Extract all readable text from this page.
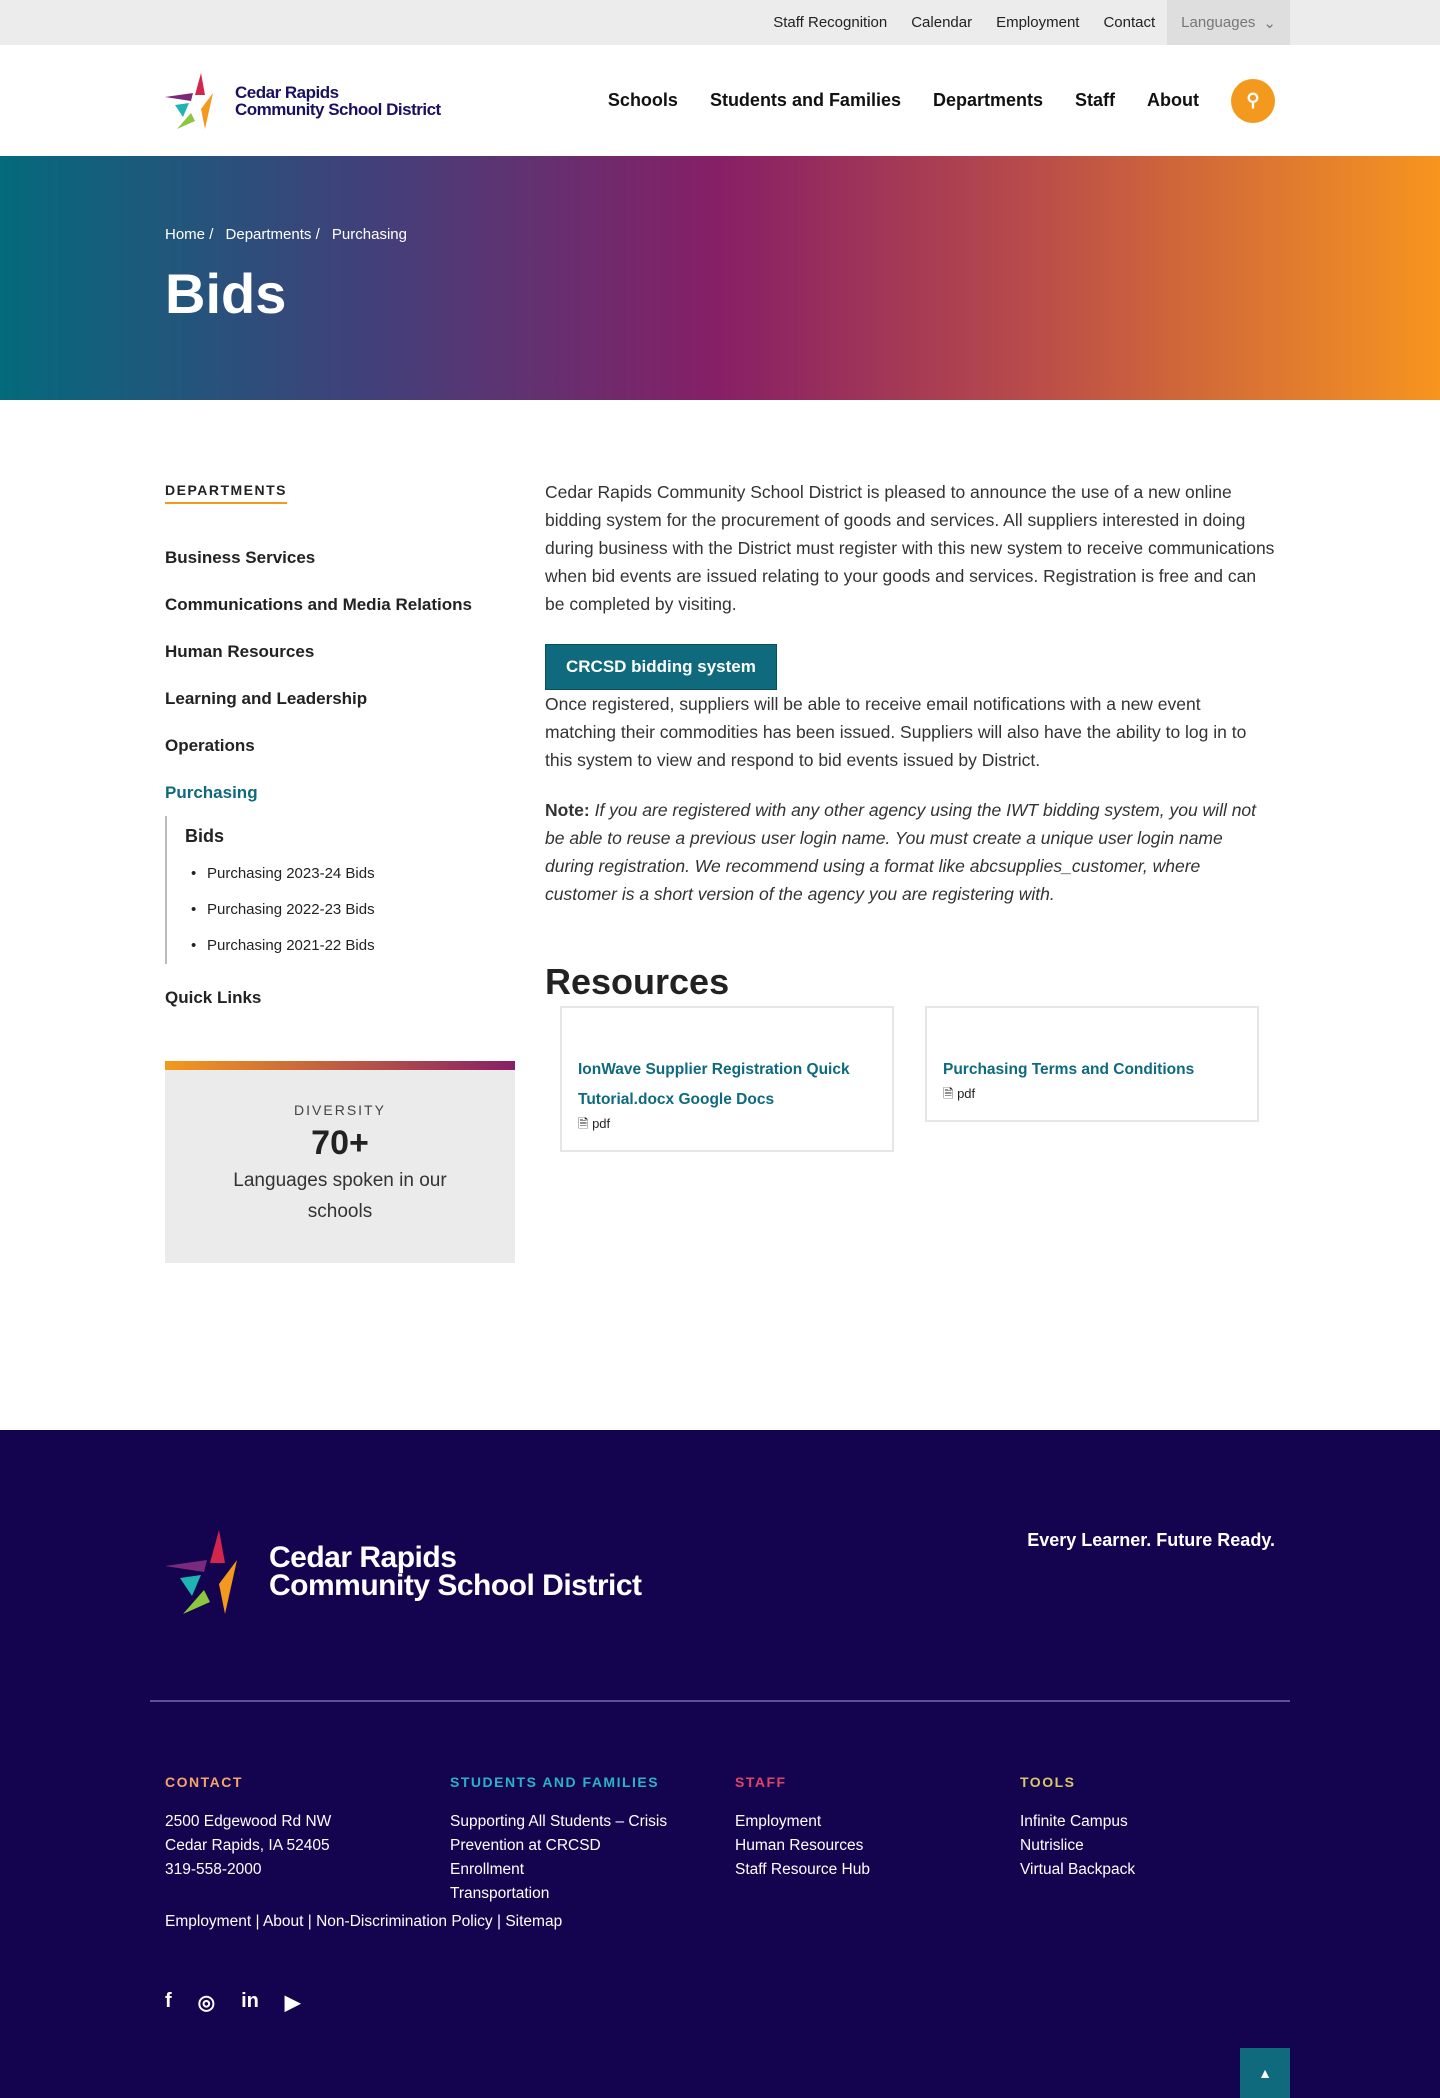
Staff Recognition Calendar Employment Contact Languages ⌄
Cedar Rapids
Community School District	Schools Students and Families Departments Staff About	⚲
Home / Departments / Purchasing
Bids
DEPARTMENTS
Business Services
Communications and Media Relations
Human Resources
Learning and Leadership
Operations
Purchasing
Bids
• Purchasing 2023-24 Bids
• Purchasing 2022-23 Bids
• Purchasing 2021-22 Bids
Quick Links
DIVERSITY
70+
Languages spoken in our schools

Cedar Rapids Community School District is pleased to announce the use of a new online bidding system for the procurement of goods and services. All suppliers interested in doing during business with the District must register with this new system to receive communications when bid events are issued relating to your goods and services. Registration is free and can be completed by visiting.

CRCSD bidding system

Once registered, suppliers will be able to receive email notifications with a new event matching their commodities has been issued. Suppliers will also have the ability to log in to this system to view and respond to bid events issued by District.

Note: If you are registered with any other agency using the IWT bidding system, you will not be able to reuse a previous user login name. You must create a unique user login name during registration. We recommend using a format like abcsupplies_customer, where customer is a short version of the agency you are registering with.

Resources
IonWave Supplier Registration Quick Tutorial.docx Google Docs
🗎 pdf
Purchasing Terms and Conditions
🗎 pdf
Cedar Rapids
Community School District
Every Learner. Future Ready.
CONTACT
2500 Edgewood Rd NW
Cedar Rapids, IA 52405
319-558-2000
STUDENTS AND FAMILIES
Supporting All Students – Crisis Prevention at CRCSD
Enrollment
Transportation
STAFF
Employment
Human Resources
Staff Resource Hub
TOOLS
Infinite Campus
Nutrislice
Virtual Backpack
Employment | About | Non-Discrimination Policy | Sitemap
f ◎ in ▶
▲
